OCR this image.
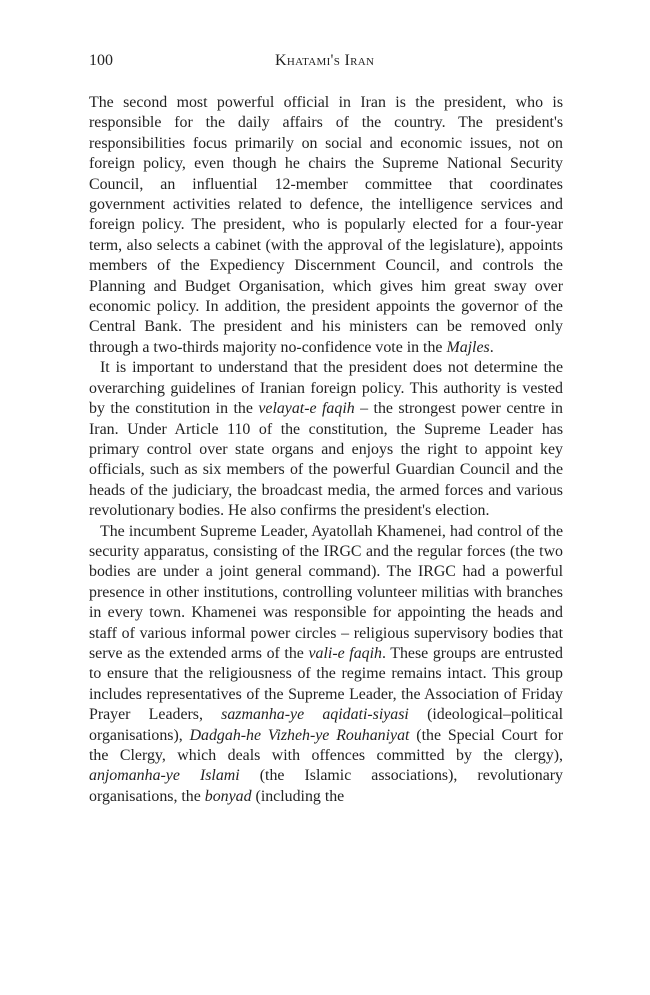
100	Khatami's Iran

The second most powerful official in Iran is the president, who is responsible for the daily affairs of the country. The president's responsibilities focus primarily on social and economic issues, not on foreign policy, even though he chairs the Supreme National Security Council, an influential 12-member committee that coordinates government activities related to defence, the intelligence services and foreign policy. The president, who is popularly elected for a four-year term, also selects a cabinet (with the approval of the legislature), appoints members of the Expediency Discernment Council, and controls the Planning and Budget Organisation, which gives him great sway over economic policy. In addition, the president appoints the governor of the Central Bank. The president and his ministers can be removed only through a two-thirds majority no-confidence vote in the Majles.

It is important to understand that the president does not determine the overarching guidelines of Iranian foreign policy. This authority is vested by the constitution in the velayat-e faqih – the strongest power centre in Iran. Under Article 110 of the constitution, the Supreme Leader has primary control over state organs and enjoys the right to appoint key officials, such as six members of the powerful Guardian Council and the heads of the judiciary, the broadcast media, the armed forces and various revolutionary bodies. He also confirms the president's election.

The incumbent Supreme Leader, Ayatollah Khamenei, had control of the security apparatus, consisting of the IRGC and the regular forces (the two bodies are under a joint general command). The IRGC had a powerful presence in other institutions, controlling volunteer militias with branches in every town. Khamenei was responsible for appointing the heads and staff of various informal power circles – religious supervisory bodies that serve as the extended arms of the vali-e faqih. These groups are entrusted to ensure that the religiousness of the regime remains intact. This group includes representatives of the Supreme Leader, the Association of Friday Prayer Leaders, sazmanha-ye aqidati-siyasi (ideological–political organisations), Dadgah-he Vizheh-ye Rouhaniyat (the Special Court for the Clergy, which deals with offences committed by the clergy), anjomanha-ye Islami (the Islamic associations), revolutionary organisations, the bonyad (including the
